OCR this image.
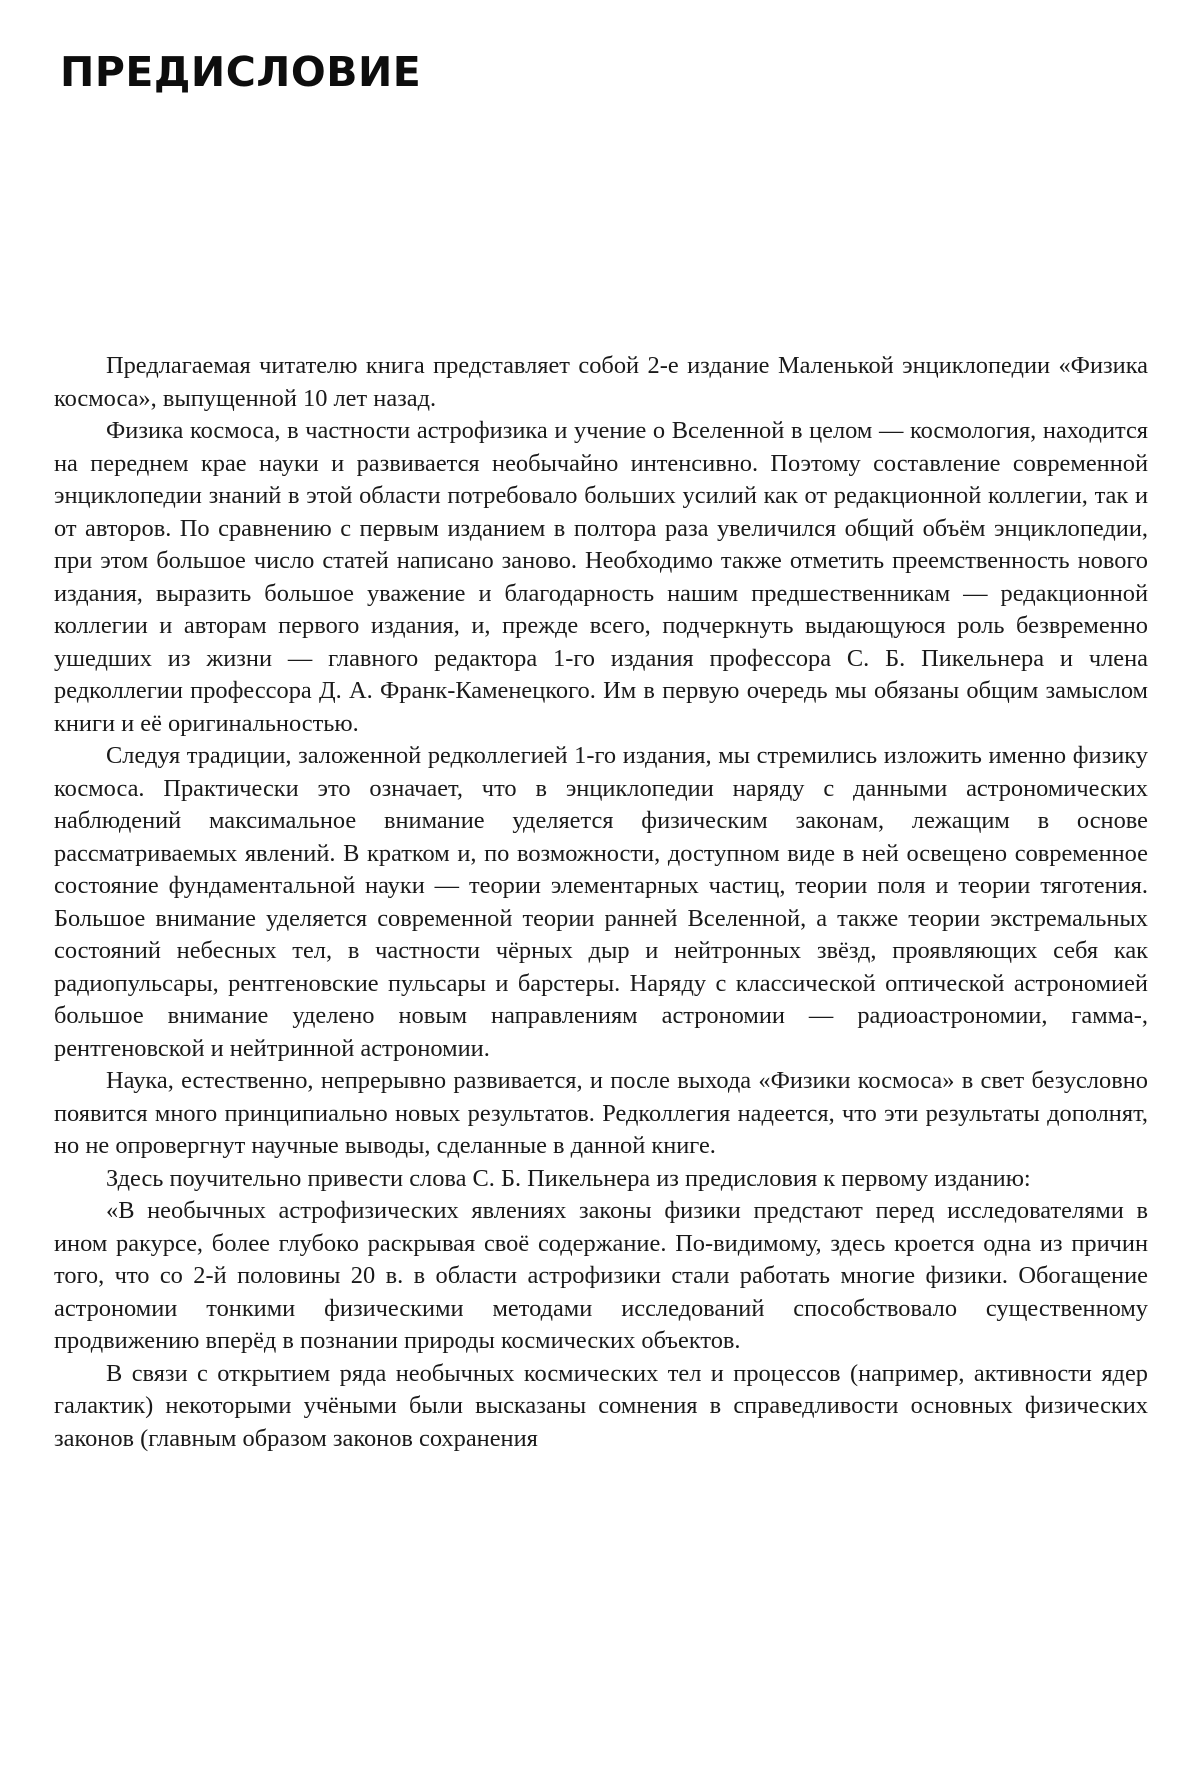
ПРЕДИСЛОВИЕ

Предлагаемая читателю книга представляет собой 2-е издание Маленькой энциклопедии «Физика космоса», выпущенной 10 лет назад.

Физика космоса, в частности астрофизика и учение о Вселенной в целом — космология, находится на переднем крае науки и развивается необычайно интенсивно. Поэтому составление современной энциклопедии знаний в этой области потребовало больших усилий как от редакционной коллегии, так и от авторов. По сравнению с первым изданием в полтора раза увеличился общий объём энциклопедии, при этом большое число статей написано заново. Необходимо также отметить преемственность нового издания, выразить большое уважение и благодарность нашим предшественникам — редакционной коллегии и авторам первого издания, и, прежде всего, подчеркнуть выдающуюся роль безвременно ушедших из жизни — главного редактора 1-го издания профессора С. Б. Пикельнера и члена редколлегии профессора Д. А. Франк-Каменецкого. Им в первую очередь мы обязаны общим замыслом книги и её оригинальностью.

Следуя традиции, заложенной редколлегией 1-го издания, мы стремились изложить именно физику космоса. Практически это означает, что в энциклопедии наряду с данными астрономических наблюдений максимальное внимание уделяется физическим законам, лежащим в основе рассматриваемых явлений. В кратком и, по возможности, доступном виде в ней освещено современное состояние фундаментальной науки — теории элементарных частиц, теории поля и теории тяготения. Большое внимание уделяется современной теории ранней Вселенной, а также теории экстремальных состояний небесных тел, в частности чёрных дыр и нейтронных звёзд, проявляющих себя как радиопульсары, рентгеновские пульсары и барстеры. Наряду с классической оптической астрономией большое внимание уделено новым направлениям астрономии — радиоастрономии, гамма-, рентгеновской и нейтринной астрономии.

Наука, естественно, непрерывно развивается, и после выхода «Физики космоса» в свет безусловно появится много принципиально новых результатов. Редколлегия надеется, что эти результаты дополнят, но не опровергнут научные выводы, сделанные в данной книге.

Здесь поучительно привести слова С. Б. Пикельнера из предисловия к первому изданию:

«В необычных астрофизических явлениях законы физики предстают перед исследователями в ином ракурсе, более глубоко раскрывая своё содержание. По-видимому, здесь кроется одна из причин того, что со 2-й половины 20 в. в области астрофизики стали работать многие физики. Обогащение астрономии тонкими физическими методами исследований способствовало существенному продвижению вперёд в познании природы космических объектов.

В связи с открытием ряда необычных космических тел и процессов (например, активности ядер галактик) некоторыми учёными были высказаны сомнения в справедливости основных физических законов (главным образом законов сохранения
